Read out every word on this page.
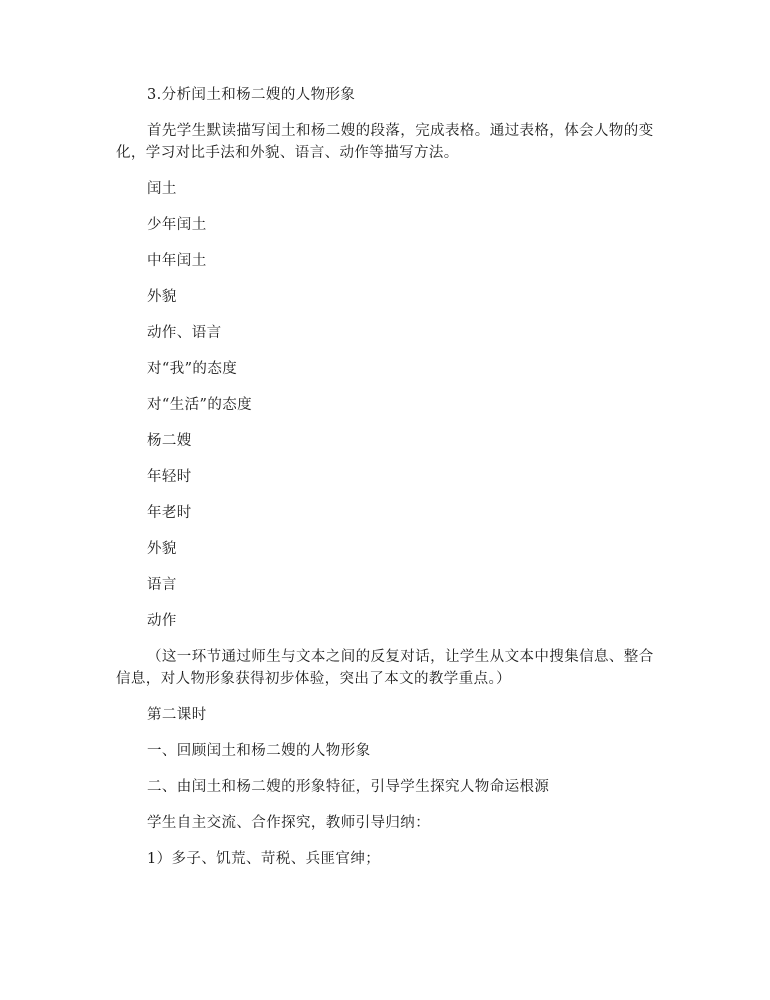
3.分析闰土和杨二嫂的人物形象

首先学生默读描写闰土和杨二嫂的段落，完成表格。通过表格，体会人物的变化，学习对比手法和外貌、语言、动作等描写方法。

闰土

少年闰土

中年闰土

外貌

动作、语言

对“我”的态度

对“生活”的态度

杨二嫂

年轻时

年老时

外貌

语言

动作

（这一环节通过师生与文本之间的反复对话，让学生从文本中搜集信息、整合信息，对人物形象获得初步体验，突出了本文的教学重点。）

第二课时

一、回顾闰土和杨二嫂的人物形象

二、由闰土和杨二嫂的形象特征，引导学生探究人物命运根源

学生自主交流、合作探究，教师引导归纳：

1）多子、饥荒、苛税、兵匪官绅；
